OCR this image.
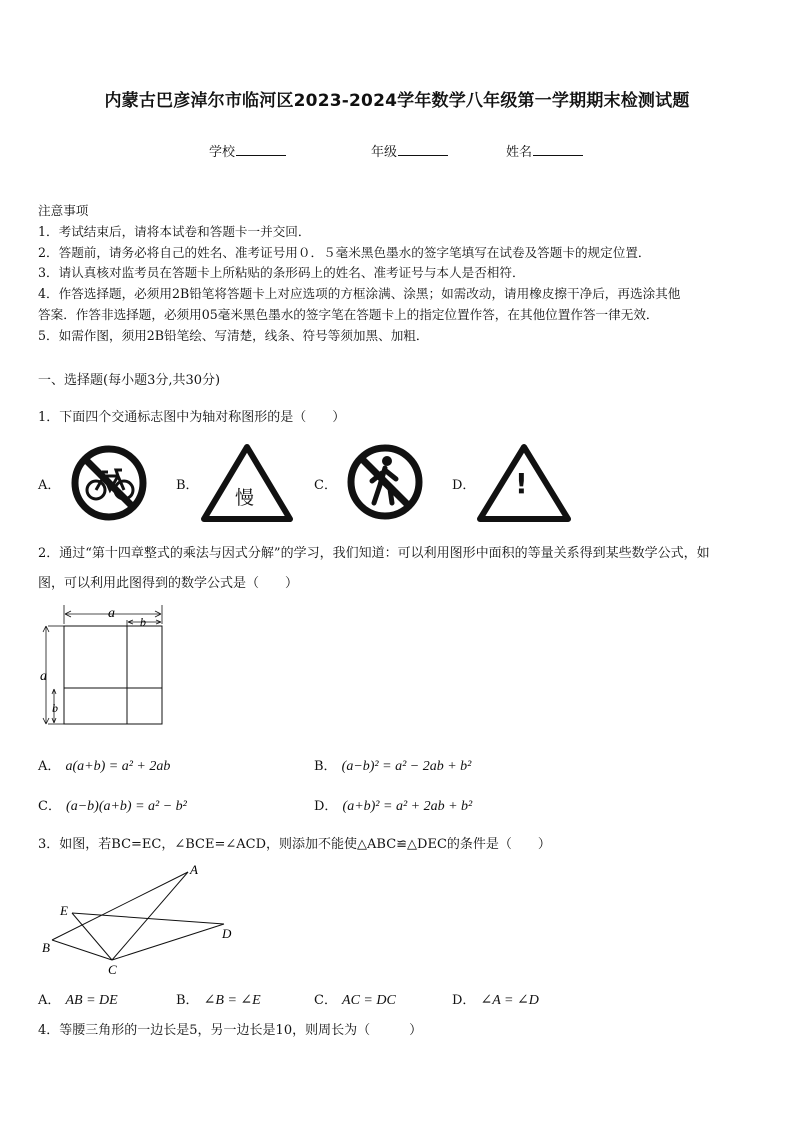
内蒙古巴彦淖尔市临河区2023-2024学年数学八年级第一学期期末检测试题
学校	年级	姓名

注意事项

1．考试结束后，请将本试卷和答题卡一并交回．

2．答题前，请务必将自己的姓名、准考证号用０．５毫米黑色墨水的签字笔填写在试卷及答题卡的规定位置．

3．请认真核对监考员在答题卡上所粘贴的条形码上的姓名、准考证号与本人是否相符．

4．作答选择题，必须用2B铅笔将答题卡上对应选项的方框涂满、涂黑；如需改动，请用橡皮擦干净后，再选涂其他

答案．作答非选择题，必须用05毫米黑色墨水的签字笔在答题卡上的指定位置作答，在其他位置作答一律无效．

5．如需作图，须用2B铅笔绘、写清楚，线条、符号等须加黑、加粗．

一、选择题(每小题3分,共30分)
1．下面四个交通标志图中为轴对称图形的是（　　）
A．	B．
慢
C．	D． !
2．通过“第十四章整式的乘法与因式分解”的学习，我们知道：可以利用图形中面积的等量关系得到某些数学公式，如
图，可以利用此图得到的数学公式是（　　）
a
b
a
b
A． a(a+b) = a² + 2ab	B． (a−b)² = a² − 2ab + b²
C． (a−b)(a+b) = a² − b²	D． (a+b)² = a² + 2ab + b²
3．如图，若BC=EC，∠BCE=∠ACD，则添加不能使△ABC≌△DEC的条件是（　　）
A
B
C
D
E
A． AB = DE	B． ∠B = ∠E	C． AC = DC	D． ∠A = ∠D
4．等腰三角形的一边长是5，另一边长是10，则周长为（　　　）
